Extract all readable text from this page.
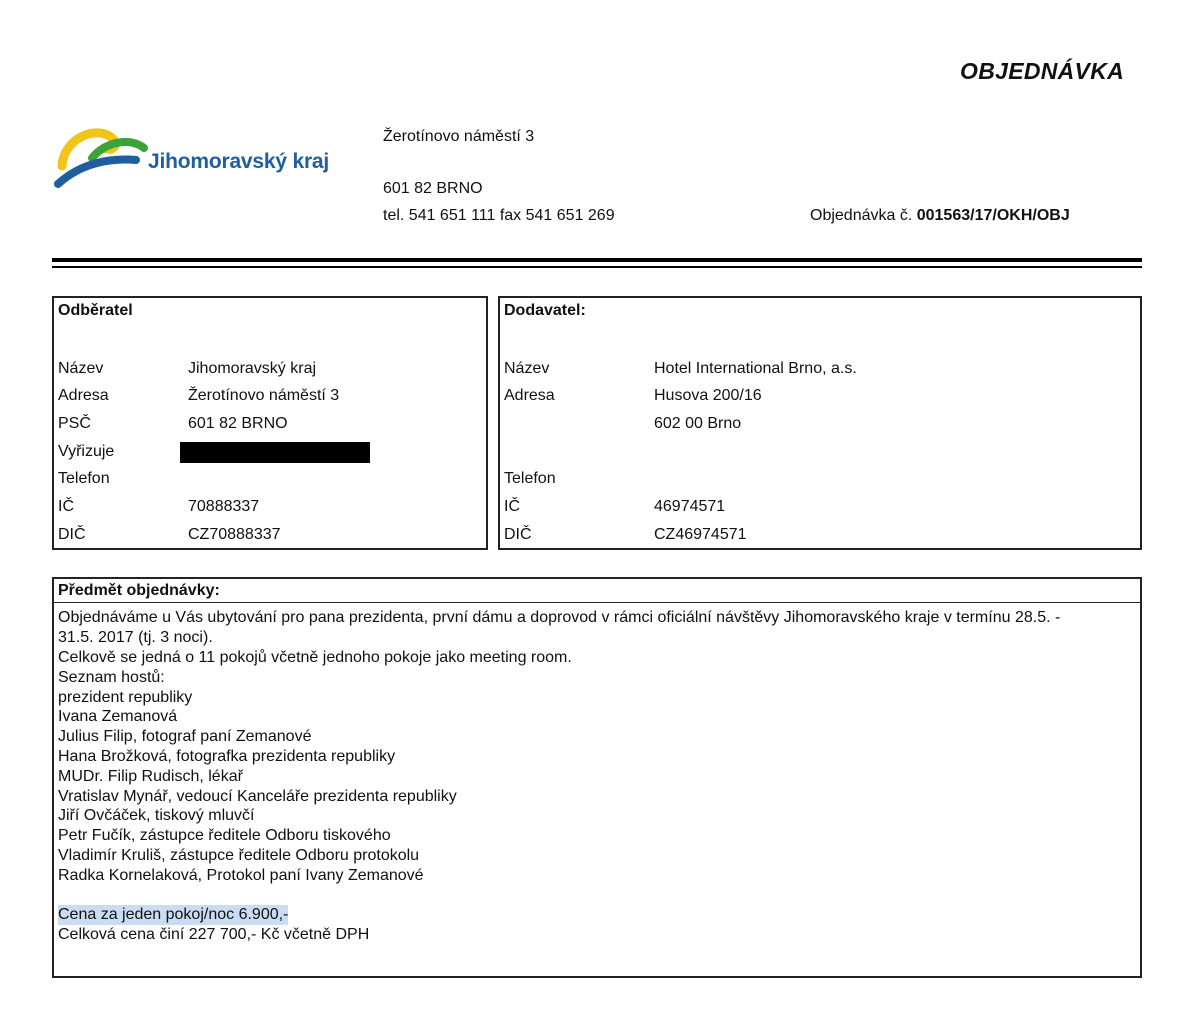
OBJEDNÁVKA
Jihomoravský kraj
Žerotínovo náměstí 3
601 82 BRNO
tel. 541 651 111 fax 541 651 269	Objednávka č. 001563/17/OKH/OBJ
Odběratel
Název	Jihomoravský kraj
Adresa	Žerotínovo náměstí 3
PSČ	601 82 BRNO
Vyřizuje
Telefon
IČ	70888337
DIČ	CZ70888337
Dodavatel:
Název	Hotel International Brno, a.s.
Adresa	Husova 200/16
602 00 Brno
Telefon
IČ	46974571
DIČ	CZ46974571
Předmět objednávky:
Objednáváme u Vás ubytování pro pana prezidenta, první dámu a doprovod v rámci oficiální návštěvy Jihomoravského kraje v termínu 28.5. -
31.5. 2017 (tj. 3 noci).
Celkově se jedná o 11 pokojů včetně jednoho pokoje jako meeting room.
Seznam hostů:
prezident republiky
Ivana Zemanová
Julius Filip, fotograf paní Zemanové
Hana Brožková, fotografka prezidenta republiky
MUDr. Filip Rudisch, lékař
Vratislav Mynář, vedoucí Kanceláře prezidenta republiky
Jiří Ovčáček, tiskový mluvčí
Petr Fučík, zástupce ředitele Odboru tiskového
Vladimír Kruliš, zástupce ředitele Odboru protokolu
Radka Kornelaková, Protokol paní Ivany Zemanové
Cena za jeden pokoj/noc 6.900,-
Celková cena činí 227 700,- Kč včetně DPH
